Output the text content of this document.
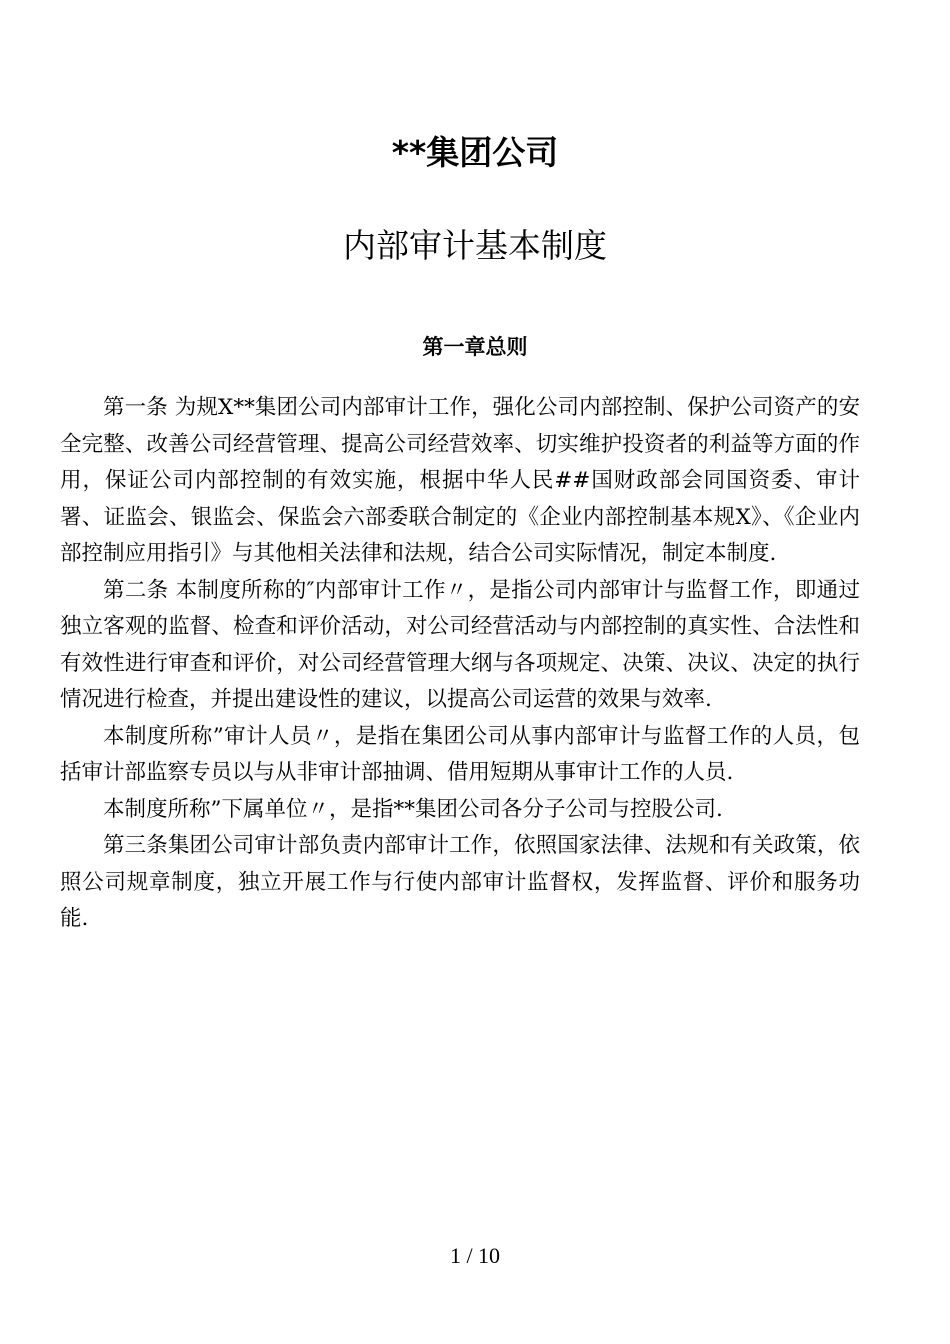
**集团公司
内部审计基本制度
第一章总则

第一条 为规X**集团公司内部审计工作，强化公司内部控制、保护公司资产的安全完整、改善公司经营管理、提高公司经营效率、切实维护投资者的利益等方面的作用，保证公司内部控制的有效实施，根据中华人民##国财政部会同国资委、审计署、证监会、银监会、保监会六部委联合制定的《企业内部控制基本规X》、《企业内部控制应用指引》与其他相关法律和法规，结合公司实际情况，制定本制度.

第二条 本制度所称的″内部审计工作〃，是指公司内部审计与监督工作，即通过独立客观的监督、检查和评价活动，对公司经营活动与内部控制的真实性、合法性和有效性进行审查和评价，对公司经营管理大纲与各项规定、决策、决议、决定的执行情况进行检查，并提出建设性的建议，以提高公司运营的效果与效率.

本制度所称”审计人员〃，是指在集团公司从事内部审计与监督工作的人员，包括审计部监察专员以与从非审计部抽调、借用短期从事审计工作的人员.

本制度所称”下属单位〃，是指**集团公司各分子公司与控股公司.

第三条集团公司审计部负责内部审计工作，依照国家法律、法规和有关政策，依照公司规章制度，独立开展工作与行使内部审计监督权，发挥监督、评价和服务功能.

1 / 10
